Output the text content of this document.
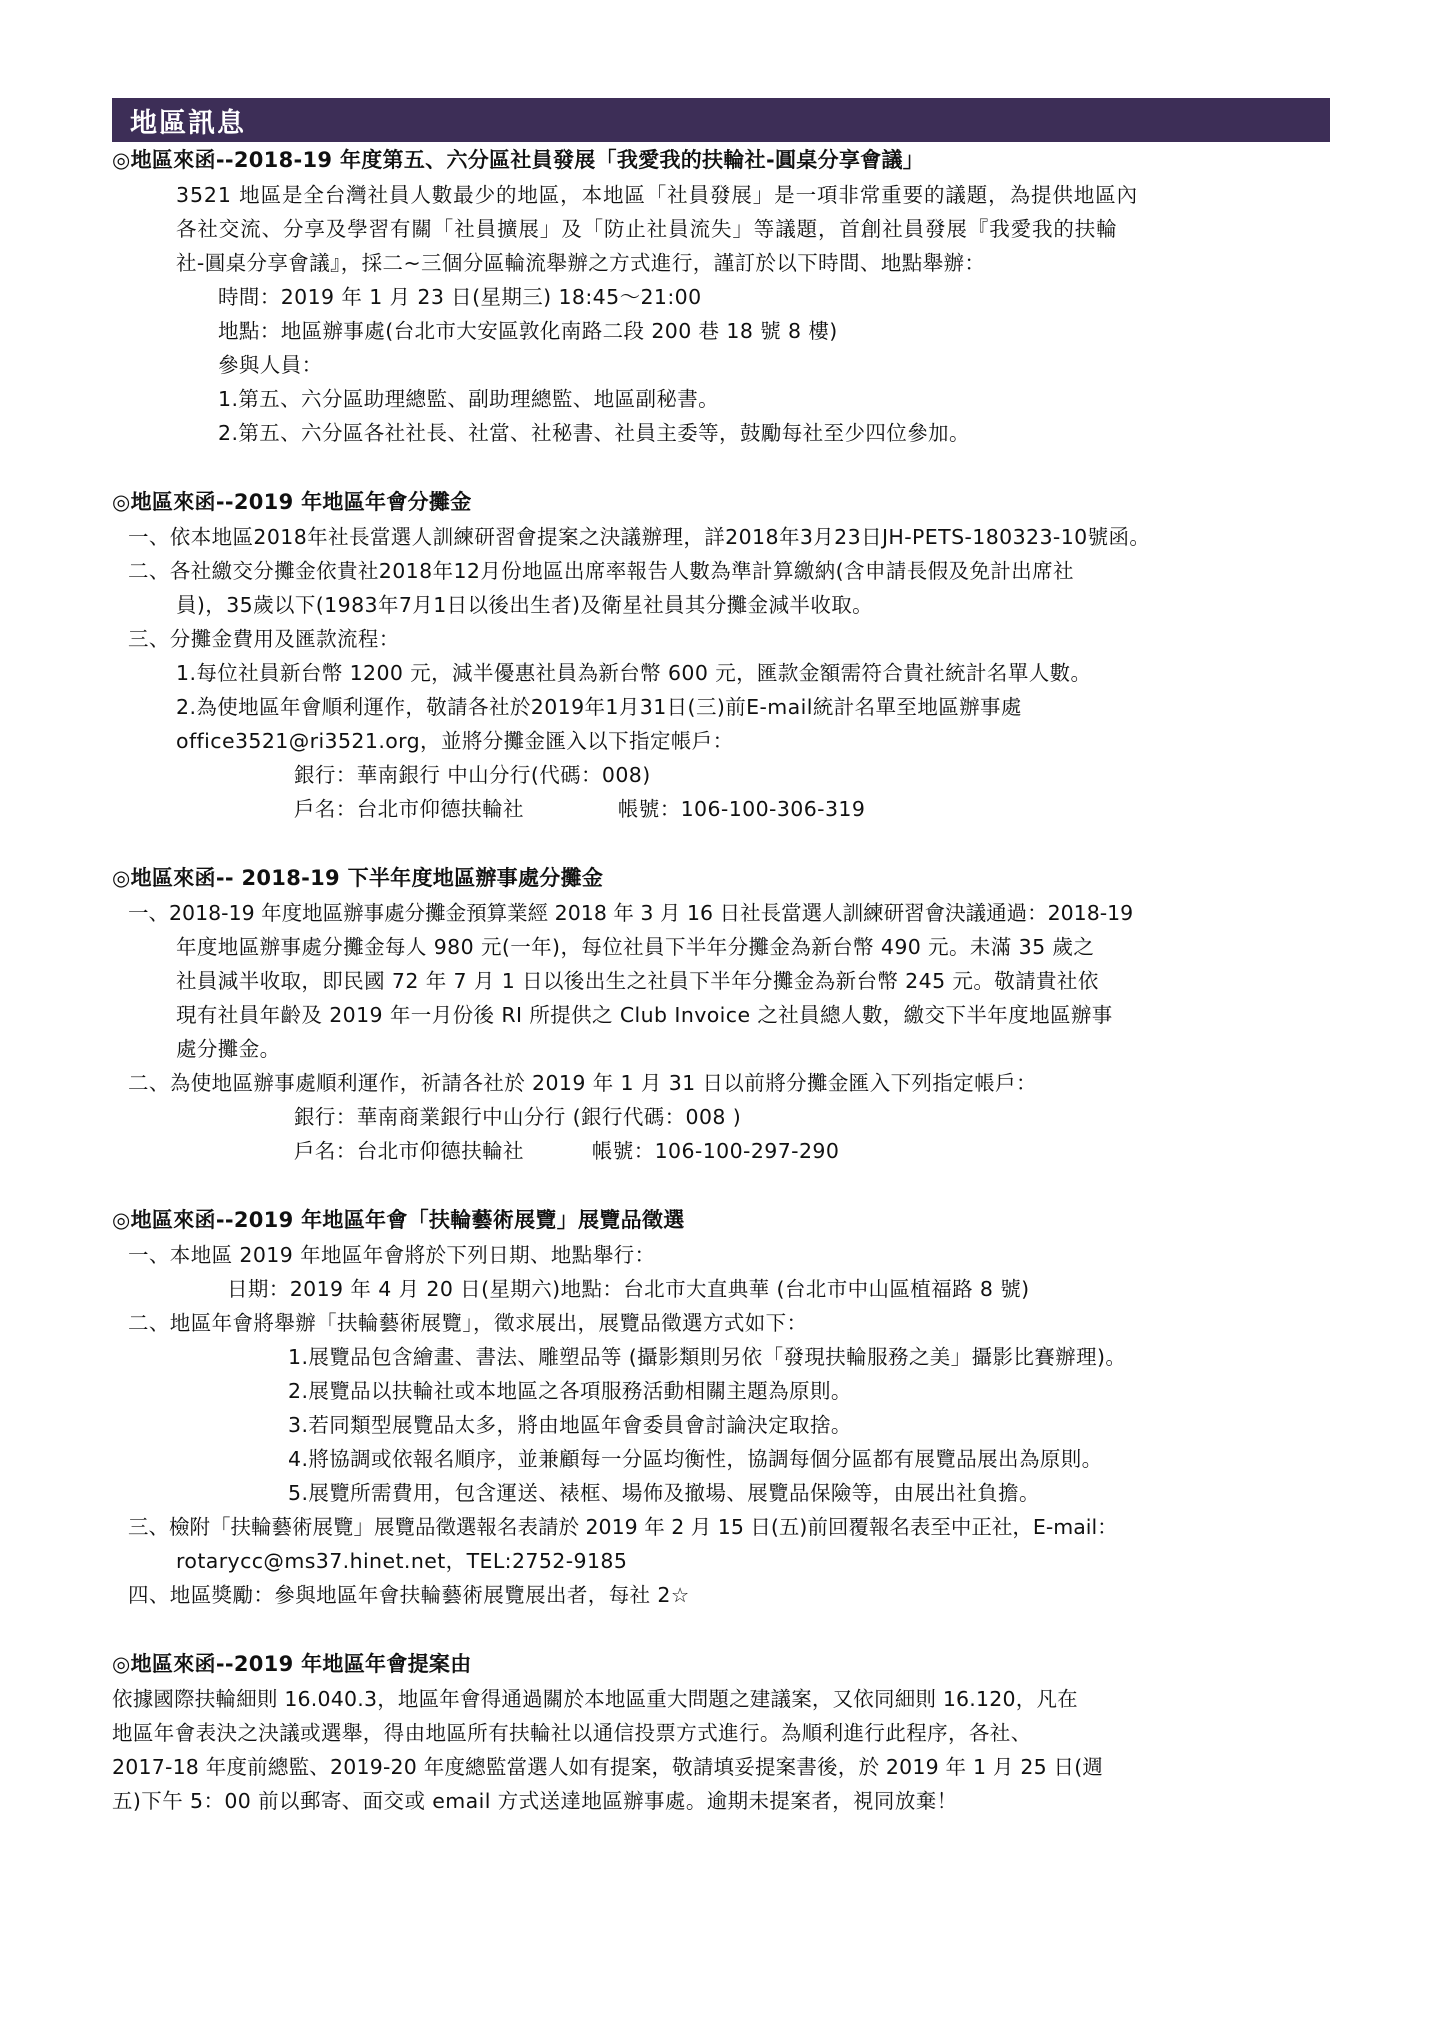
地區訊息

◎地區來函--2018-19 年度第五、六分區社員發展「我愛我的扶輪社-圓桌分享會議」

3521 地區是全台灣社員人數最少的地區，本地區「社員發展」是一項非常重要的議題，為提供地區內

各社交流、分享及學習有關「社員擴展」及「防止社員流失」等議題，首創社員發展『我愛我的扶輪

社-圓桌分享會議』，採二~三個分區輪流舉辦之方式進行，謹訂於以下時間、地點舉辦：

時間：2019 年 1 月 23 日(星期三) 18:45～21:00

地點：地區辦事處(台北市大安區敦化南路二段 200 巷 18 號 8 樓)

參與人員：

1.第五、六分區助理總監、副助理總監、地區副秘書。

2.第五、六分區各社社長、社當、社秘書、社員主委等，鼓勵每社至少四位參加。

◎地區來函--2019 年地區年會分攤金

一、依本地區2018年社長當選人訓練研習會提案之決議辦理，詳2018年3月23日JH-PETS-180323-10號函。

二、各社繳交分攤金依貴社2018年12月份地區出席率報告人數為準計算繳納(含申請長假及免計出席社

員)，35歲以下(1983年7月1日以後出生者)及衛星社員其分攤金減半收取。

三、分攤金費用及匯款流程：

1.每位社員新台幣 1200 元，減半優惠社員為新台幣 600 元，匯款金額需符合貴社統計名單人數。

2.為使地區年會順利運作，敬請各社於2019年1月31日(三)前E-mail統計名單至地區辦事處

office3521@ri3521.org，並將分攤金匯入以下指定帳戶：

銀行：華南銀行 中山分行(代碼：008)

戶名：台北市仰德扶輪社	帳號：106-100-306-319

◎地區來函-- 2018-19 下半年度地區辦事處分攤金

一、2018-19 年度地區辦事處分攤金預算業經 2018 年 3 月 16 日社長當選人訓練研習會決議通過：2018-19

年度地區辦事處分攤金每人 980 元(一年)，每位社員下半年分攤金為新台幣 490 元。未滿 35 歲之

社員減半收取，即民國 72 年 7 月 1 日以後出生之社員下半年分攤金為新台幣 245 元。敬請貴社依

現有社員年齡及 2019 年一月份後 RI 所提供之 Club Invoice 之社員總人數，繳交下半年度地區辦事

處分攤金。

二、為使地區辦事處順利運作，祈請各社於 2019 年 1 月 31 日以前將分攤金匯入下列指定帳戶：

銀行：華南商業銀行中山分行 (銀行代碼：008 )

戶名：台北市仰德扶輪社	帳號：106-100-297-290

◎地區來函--2019 年地區年會「扶輪藝術展覽」展覽品徵選

一、本地區 2019 年地區年會將於下列日期、地點舉行：

日期：2019 年 4 月 20 日(星期六)地點：台北市大直典華 (台北市中山區植福路 8 號)

二、地區年會將舉辦「扶輪藝術展覽」，徵求展出，展覽品徵選方式如下：

1.展覽品包含繪畫、書法、雕塑品等 (攝影類則另依「發現扶輪服務之美」攝影比賽辦理)。

2.展覽品以扶輪社或本地區之各項服務活動相關主題為原則。

3.若同類型展覽品太多，將由地區年會委員會討論決定取捨。

4.將協調或依報名順序，並兼顧每一分區均衡性，協調每個分區都有展覽品展出為原則。

5.展覽所需費用，包含運送、裱框、場佈及撤場、展覽品保險等，由展出社負擔。

三、檢附「扶輪藝術展覽」展覽品徵選報名表請於 2019 年 2 月 15 日(五)前回覆報名表至中正社，E-mail：

rotarycc@ms37.hinet.net，TEL:2752-9185

四、地區獎勵：參與地區年會扶輪藝術展覽展出者，每社 2☆

◎地區來函--2019 年地區年會提案由

依據國際扶輪細則 16.040.3，地區年會得通過關於本地區重大問題之建議案，又依同細則 16.120，凡在

地區年會表決之決議或選舉，得由地區所有扶輪社以通信投票方式進行。為順利進行此程序，各社、

2017-18 年度前總監、2019-20 年度總監當選人如有提案，敬請填妥提案書後，於 2019 年 1 月 25 日(週

五)下午 5：00 前以郵寄、面交或 email 方式送達地區辦事處。逾期未提案者，視同放棄！
